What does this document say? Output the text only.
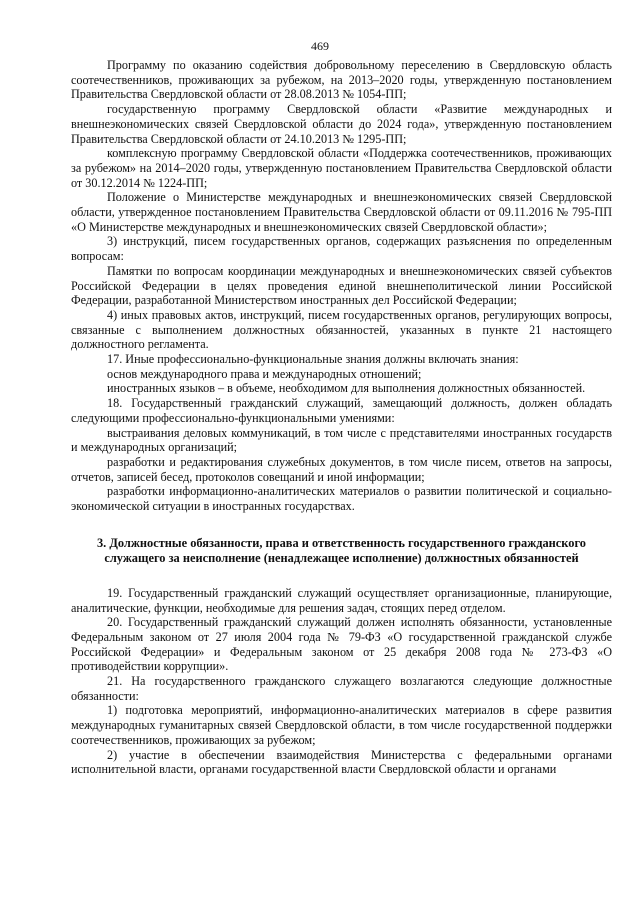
469

Программу по оказанию содействия добровольному переселению в Свердловскую область соотечественников, проживающих за рубежом, на 2013–2020 годы, утвержденную постановлением Правительства Свердловской области от 28.08.2013 № 1054-ПП;

государственную программу Свердловской области «Развитие международных и внешнеэкономических связей Свердловской области до 2024 года», утвержденную постановлением Правительства Свердловской области от 24.10.2013 № 1295-ПП;

комплексную программу Свердловской области «Поддержка соотечественников, проживающих за рубежом» на 2014–2020 годы, утвержденную постановлением Правительства Свердловской области от 30.12.2014 № 1224-ПП;

Положение о Министерстве международных и внешнеэкономических связей Свердловской области, утвержденное постановлением Правительства Свердловской области от 09.11.2016 № 795-ПП «О Министерстве международных и внешнеэкономических связей Свердловской области»;

3) инструкций, писем государственных органов, содержащих разъяснения по определенным вопросам:

Памятки по вопросам координации международных и внешнеэкономических связей субъектов Российской Федерации в целях проведения единой внешнеполитической линии Российской Федерации, разработанной Министерством иностранных дел Российской Федерации;

4) иных правовых актов, инструкций, писем государственных органов, регулирующих вопросы, связанные с выполнением должностных обязанностей, указанных в пункте 21 настоящего должностного регламента.

17. Иные профессионально-функциональные знания должны включать знания:

основ международного права и международных отношений;

иностранных языков – в объеме, необходимом для выполнения должностных обязанностей.

18. Государственный гражданский служащий, замещающий должность, должен обладать следующими профессионально-функциональными умениями:

выстраивания деловых коммуникаций, в том числе с представителями иностранных государств и международных организаций;

разработки и редактирования служебных документов, в том числе писем, ответов на запросы, отчетов, записей бесед, протоколов совещаний и иной информации;

разработки информационно-аналитических материалов о развитии политической и социально-экономической ситуации в иностранных государствах.

3. Должностные обязанности, права и ответственность государственного гражданского служащего за неисполнение (ненадлежащее исполнение) должностных обязанностей

19. Государственный гражданский служащий осуществляет организационные, планирующие, аналитические, функции, необходимые для решения задач, стоящих перед отделом.

20. Государственный гражданский служащий должен исполнять обязанности, установленные Федеральным законом от 27 июля 2004 года № 79-ФЗ «О государственной гражданской службе Российской Федерации» и Федеральным законом от 25 декабря 2008 года № 273-ФЗ «О противодействии коррупции».

21. На государственного гражданского служащего возлагаются следующие должностные обязанности:

1) подготовка мероприятий, информационно-аналитических материалов в сфере развития международных гуманитарных связей Свердловской области, в том числе государственной поддержки соотечественников, проживающих за рубежом;

2) участие в обеспечении взаимодействия Министерства с федеральными органами исполнительной власти, органами государственной власти Свердловской области и органами
